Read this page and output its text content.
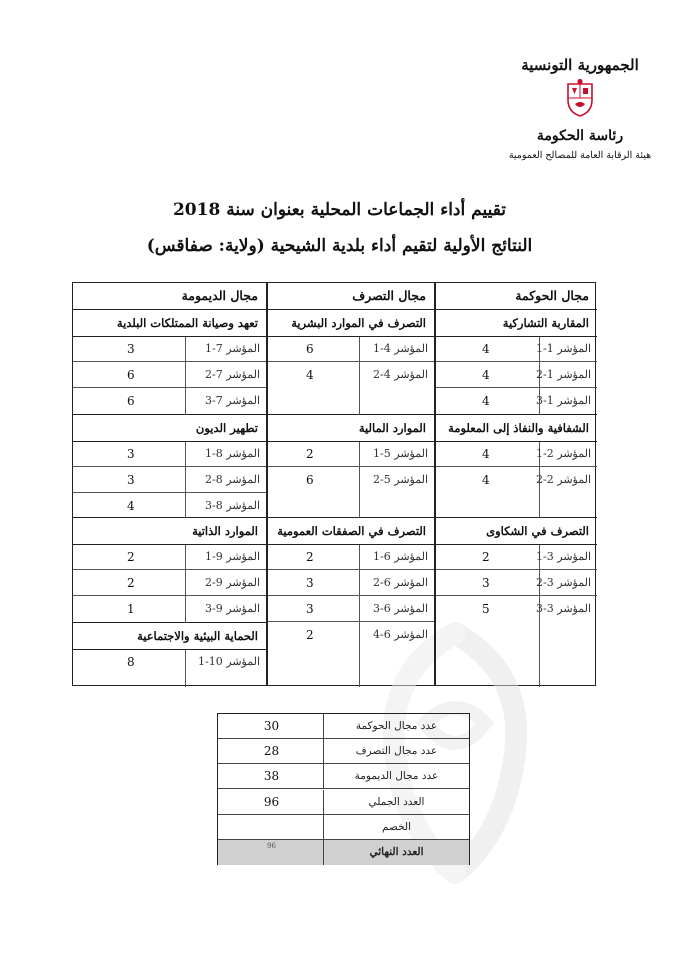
الجمهورية التونسية
رئاسة الحكومة
هيئة الرقابة العامة للمصالح العمومية
تقييم أداء الجماعات المحلية بعنوان سنة 2018
النتائج الأولية لتقيم أداء بلدية الشيحية (ولاية: صفاقس)
مجال الحوكمة
المقاربة التشاركية
المؤشر 1-1
4
المؤشر 1-2
4
المؤشر 1-3
4
الشفافية والنفاذ إلى المعلومة
المؤشر 2-1
4
المؤشر 2-2
4
التصرف في الشكاوى
المؤشر 3-1
2
المؤشر 3-2
3
المؤشر 3-3
5
مجال التصرف
التصرف في الموارد البشرية
المؤشر 4-1
6
المؤشر 4-2
4
الموارد المالية
المؤشر 5-1
2
المؤشر 5-2
6
التصرف في الصفقات العمومية
المؤشر 6-1
2
المؤشر 6-2
3
المؤشر 6-3
3
المؤشر 6-4
2
مجال الديمومة
تعهد وصيانة الممتلكات البلدية
المؤشر 7-1
3
المؤشر 7-2
6
المؤشر 7-3
6
تطهير الديون
المؤشر 8-1
3
المؤشر 8-2
3
المؤشر 8-3
4
الموارد الذاتية
المؤشر 9-1
2
المؤشر 9-2
2
المؤشر 9-3
1
الحماية البيئية والاجتماعية
المؤشر 10-1
8
عدد مجال الحوكمة
30
عدد مجال التصرف
28
عدد مجال الديمومة
38
العدد الجملي
96
الخصم
العدد النهائي
96
